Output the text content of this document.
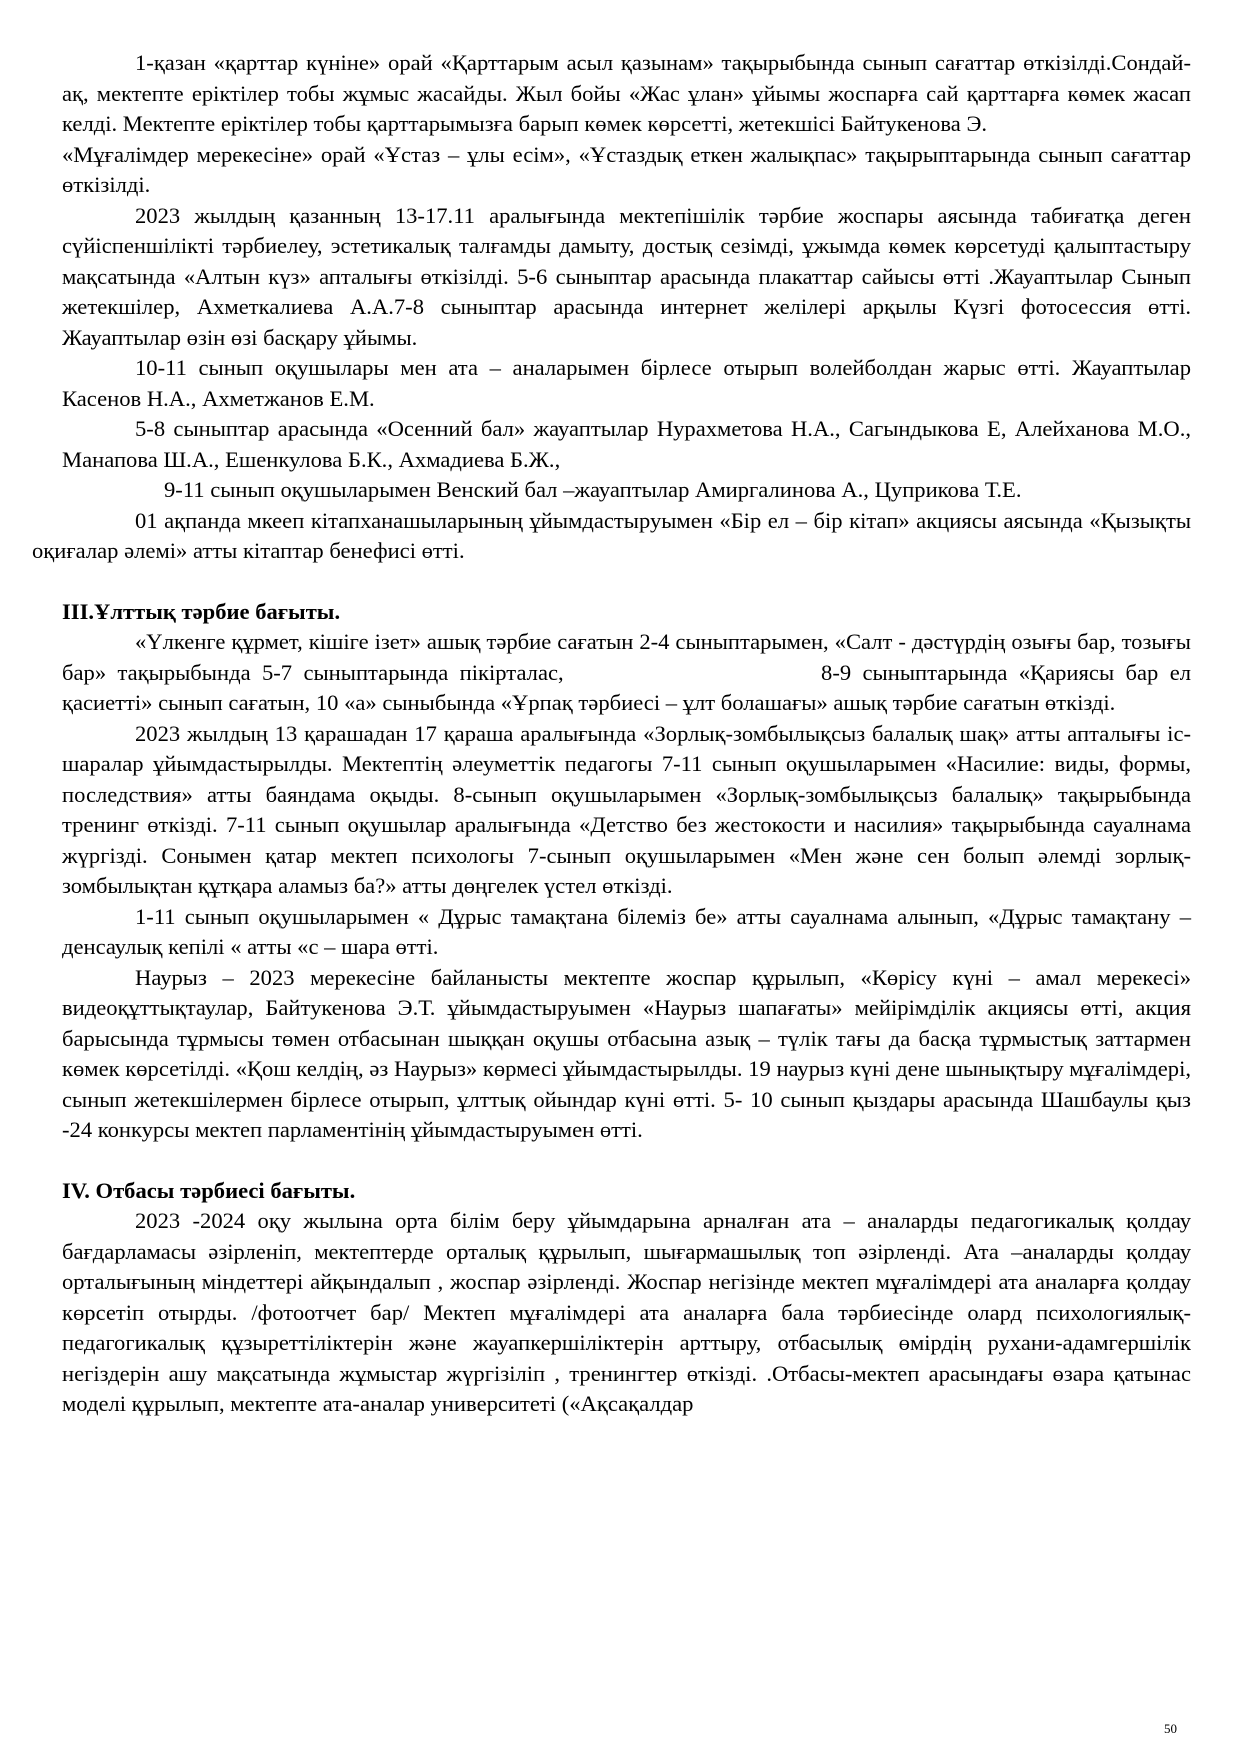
1-қазан «қарттар күніне» орай «Қарттарым асыл қазынам» тақырыбында сынып сағаттар өткізілді.Сондай-ақ, мектепте еріктілер тобы жұмыс жасайды. Жыл бойы «Жас ұлан» ұйымы жоспарға сай қарттарға көмек жасап келді. Мектепте еріктілер тобы қарттарымызға барып көмек көрсетті, жетекшісі Байтукенова Э.

«Мұғалімдер мерекесіне» орай «Ұстаз – ұлы есім», «Ұстаздық еткен жалықпас» тақырыптарында сынып сағаттар өткізілді.

2023 жылдың қазанның 13-17.11 аралығында мектепішілік тәрбие жоспары аясында табиғатқа деген сүйіспеншілікті тәрбиелеу, эстетикалық талғамды дамыту, достық сезімді, ұжымда көмек көрсетуді қалыптастыру мақсатында «Алтын күз» апталығы өткізілді. 5-6 сыныптар арасында плакаттар сайысы өтті .Жауаптылар Сынып жетекшілер, Ахметкалиева А.А.7-8 сыныптар арасында интернет желілері арқылы Күзгі фотосессия өтті. Жауаптылар өзін өзі басқару ұйымы.

10-11 сынып оқушылары мен ата – аналарымен бірлесе отырып волейболдан жарыс өтті. Жауаптылар Касенов Н.А., Ахметжанов Е.М.

5-8 сыныптар арасында «Осенний бал» жауаптылар Нурахметова Н.А., Сагындыкова Е, Алейханова М.О., Манапова Ш.А., Ешенкулова Б.К., Ахмадиева Б.Ж.,

9-11 сынып оқушыларымен Венский бал –жауаптылар Амиргалинова А., Цуприкова Т.Е.

01 ақпанда мкееп кітапханашыларының ұйымдастыруымен «Бір ел – бір кітап» акциясы аясында «Қызықты оқиғалар әлемі» атты кітаптар бенефисі өтті.

III.Ұлттық тәрбие бағыты.

«Үлкенге құрмет, кішіге ізет» ашық тәрбие сағатын 2-4 сыныптарымен, «Салт - дәстүрдің озығы бар, тозығы бар» тақырыбында 5-7 сыныптарында пікірталас,	8-9 сыныптарында «Қариясы бар ел қасиетті» сынып сағатын, 10 «а» сыныбында «Ұрпақ тәрбиесі – ұлт болашағы» ашық тәрбие сағатын өткізді.

2023 жылдың 13 қарашадан 17 қараша аралығында «Зорлық-зомбылықсыз балалық шақ» атты апталығы іс-шаралар ұйымдастырылды. Мектептің әлеуметтік педагогы 7-11 сынып оқушыларымен «Насилие: виды, формы, последствия» атты баяндама оқыды. 8-сынып оқушыларымен «Зорлық-зомбылықсыз балалық» тақырыбында тренинг өткізді. 7-11 сынып оқушылар аралығында «Детство без жестокости и насилия» тақырыбында сауалнама жүргізді. Сонымен қатар мектеп психологы 7-сынып оқушыларымен «Мен және сен болып әлемді зорлық-зомбылықтан құтқара аламыз ба?» атты дөңгелек үстел өткізді.

1-11 сынып оқушыларымен « Дұрыс тамақтана білеміз бе» атты сауалнама алынып, «Дұрыс тамақтану – денсаулық кепілі « атты «с – шара өтті.

Наурыз – 2023 мерекесіне байланысты мектепте жоспар құрылып, «Көрісу күні – амал мерекесі» видеоқұттықтаулар, Байтукенова Э.Т. ұйымдастыруымен «Наурыз шапағаты» мейірімділік акциясы өтті, акция барысында тұрмысы төмен отбасынан шыққан оқушы отбасына азық – түлік тағы да басқа тұрмыстық заттармен көмек көрсетілді. «Қош келдің, әз Наурыз» көрмесі ұйымдастырылды. 19 наурыз күні дене шынықтыру мұғалімдері, сынып жетекшілермен бірлесе отырып, ұлттық ойындар күні өтті. 5- 10 сынып қыздары арасында Шашбаулы қыз -24 конкурсы мектеп парламентінің ұйымдастыруымен өтті.

IV. Отбасы тәрбиесі бағыты.

2023 -2024 оқу жылына орта білім беру ұйымдарына арналған ата – аналарды педагогикалық қолдау бағдарламасы әзірленіп, мектептерде орталық құрылып, шығармашылық топ әзірленді. Ата –аналарды қолдау орталығының міндеттері айқындалып , жоспар әзірленді. Жоспар негізінде мектеп мұғалімдері ата аналарға қолдау көрсетіп отырды. /фотоотчет бар/ Мектеп мұғалімдері ата аналарға бала тәрбиесінде олард психологиялық-педагогикалық құзыреттіліктерін және жауапкершіліктерін арттыру, отбасылық өмірдің рухани-адамгершілік негіздерін ашу мақсатында жұмыстар жүргізіліп , тренингтер өткізді. .Отбасы-мектеп арасындағы өзара қатынас моделі құрылып, мектепте ата-аналар университеті («Ақсақалдар

50
